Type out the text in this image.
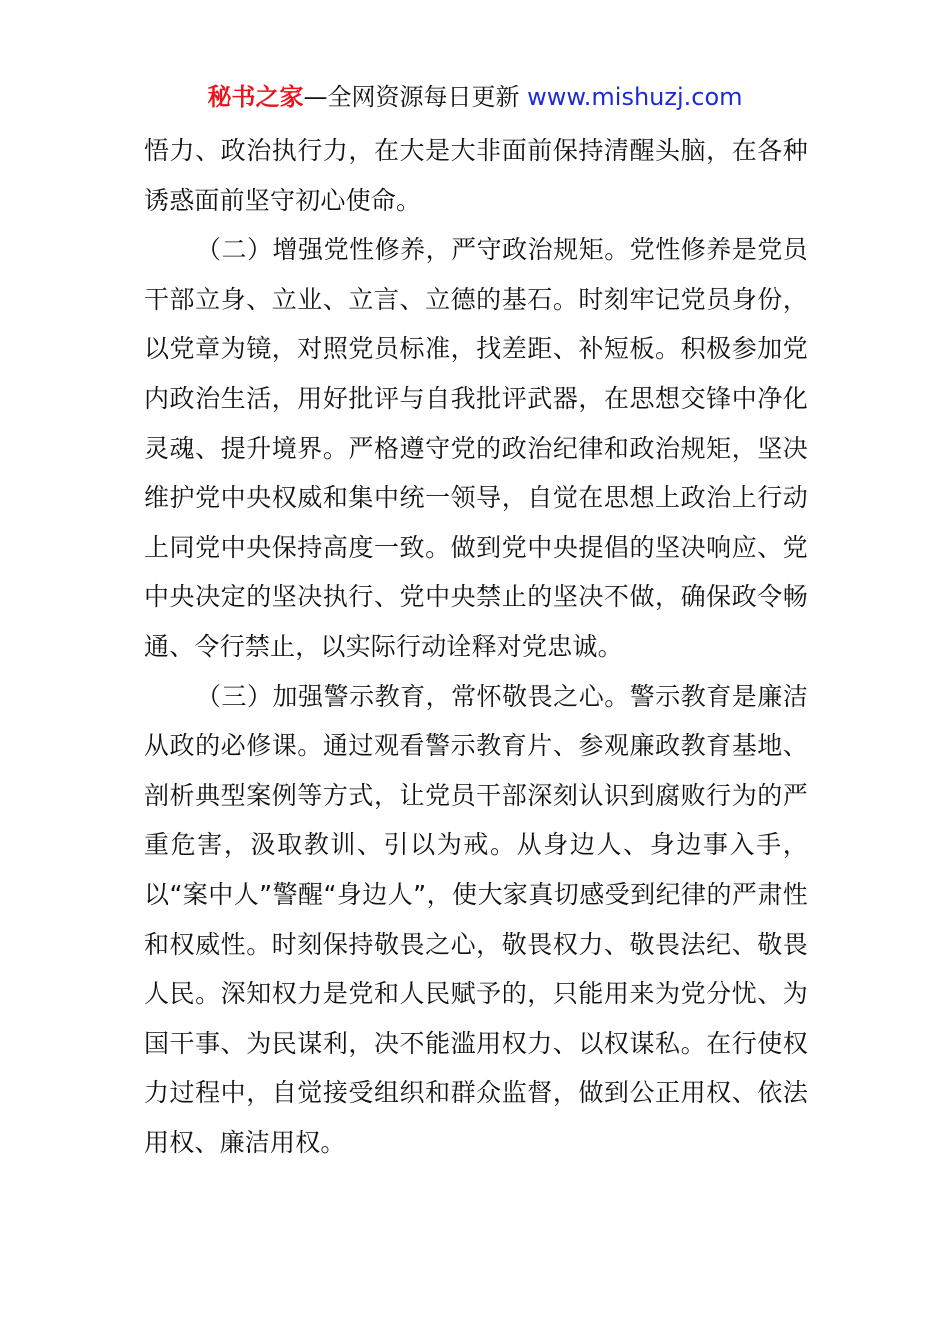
秘书之家—全网资源每日更新 www.mishuzj.com

悟力、政治执行力，在大是大非面前保持清醒头脑，在各种诱惑面前坚守初心使命。

（二）增强党性修养，严守政治规矩。党性修养是党员干部立身、立业、立言、立德的基石。时刻牢记党员身份，以党章为镜，对照党员标准，找差距、补短板。积极参加党内政治生活，用好批评与自我批评武器，在思想交锋中净化灵魂、提升境界。严格遵守党的政治纪律和政治规矩，坚决维护党中央权威和集中统一领导，自觉在思想上政治上行动上同党中央保持高度一致。做到党中央提倡的坚决响应、党中央决定的坚决执行、党中央禁止的坚决不做，确保政令畅通、令行禁止，以实际行动诠释对党忠诚。

（三）加强警示教育，常怀敬畏之心。警示教育是廉洁从政的必修课。通过观看警示教育片、参观廉政教育基地、剖析典型案例等方式，让党员干部深刻认识到腐败行为的严重危害，汲取教训、引以为戒。从身边人、身边事入手，以“案中人”警醒“身边人”，使大家真切感受到纪律的严肃性和权威性。时刻保持敬畏之心，敬畏权力、敬畏法纪、敬畏人民。深知权力是党和人民赋予的，只能用来为党分忧、为国干事、为民谋利，决不能滥用权力、以权谋私。在行使权力过程中，自觉接受组织和群众监督，做到公正用权、依法用权、廉洁用权。
